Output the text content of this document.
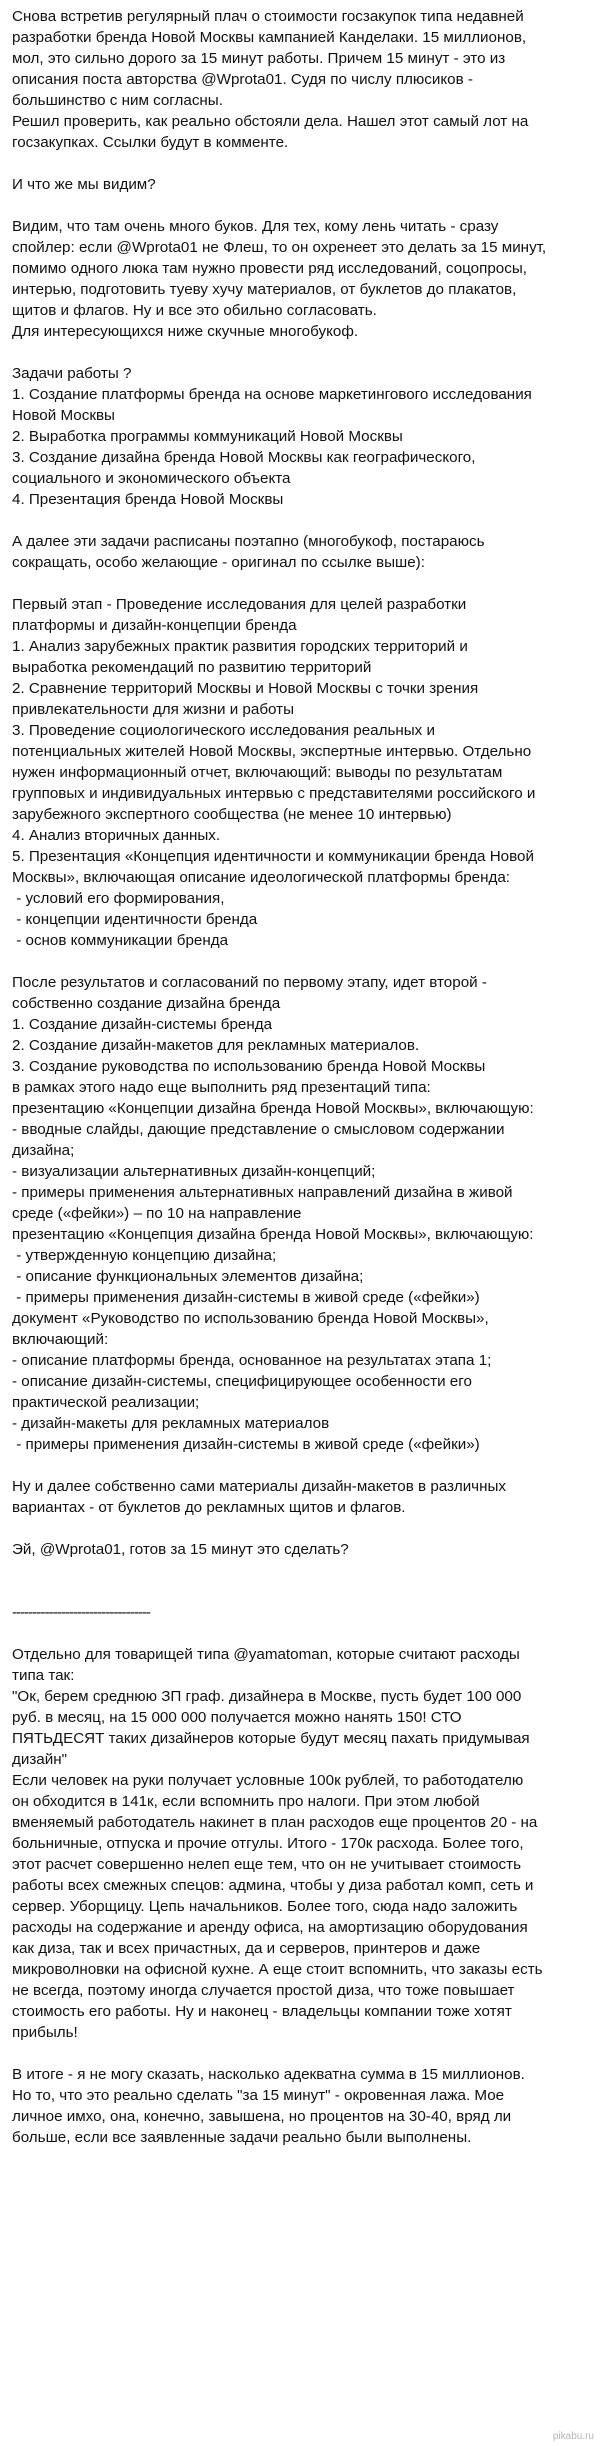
Снова встретив регулярный плач о стоимости госзакупок типа недавней
разработки бренда Новой Москвы кампанией Канделаки. 15 миллионов,
мол, это сильно дорого за 15 минут работы. Причем 15 минут - это из
описания поста авторства @Wprota01. Судя по числу плюсиков -
большинство с ним согласны.
Решил проверить, как реально обстояли дела. Нашел этот самый лот на
госзакупках. Ссылки будут в комменте.
И что же мы видим?
Видим, что там очень много буков. Для тех, кому лень читать - сразу
спойлер: если @Wprota01 не Флеш, то он охренеет это делать за 15 минут,
помимо одного люка там нужно провести ряд исследований, соцопросы,
интерью, подготовить туеву хучу материалов, от буклетов до плакатов,
щитов и флагов. Ну и все это обильно согласовать.
Для интересующихся ниже скучные многобукоф.
Задачи работы ?
1. Создание платформы бренда на основе маркетингового исследования
Новой Москвы
2. Выработка программы коммуникаций Новой Москвы
3. Создание дизайна бренда Новой Москвы как географического,
социального и экономического объекта
4. Презентация бренда Новой Москвы
А далее эти задачи расписаны поэтапно (многобукоф, постараюсь
сокращать, особо желающие - оригинал по ссылке выше):
Первый этап - Проведение исследования для целей разработки
платформы и дизайн-концепции бренда
1. Анализ зарубежных практик развития городских территорий и
выработка рекомендаций по развитию территорий
2. Сравнение территорий Москвы и Новой Москвы с точки зрения
привлекательности для жизни и работы
3. Проведение социологического исследования реальных и
потенциальных жителей Новой Москвы, экспертные интервью. Отдельно
нужен информационный отчет, включающий: выводы по результатам
групповых и индивидуальных интервью с представителями российского и
зарубежного экспертного сообщества (не менее 10 интервью)
4. Анализ вторичных данных.
5. Презентация «Концепция идентичности и коммуникации бренда Новой
Москвы», включающая описание идеологической платформы бренда:
- условий его формирования,
- концепции идентичности бренда
- основ коммуникации бренда
После результатов и согласований по первому этапу, идет второй -
собственно создание дизайна бренда
1. Создание дизайн-системы бренда
2. Создание дизайн-макетов для рекламных материалов.
3. Создание руководства по использованию бренда Новой Москвы
в рамках этого надо еще выполнить ряд презентаций типа:
презентацию «Концепции дизайна бренда Новой Москвы», включающую:
- вводные слайды, дающие представление о смысловом содержании
дизайна;
- визуализации альтернативных дизайн-концепций;
- примеры применения альтернативных направлений дизайна в живой
среде («фейки») – по 10 на направление
презентацию «Концепция дизайна бренда Новой Москвы», включающую:
- утвержденную концепцию дизайна;
- описание функциональных элементов дизайна;
- примеры применения дизайн-системы в живой среде («фейки»)
документ «Руководство по использованию бренда Новой Москвы»,
включающий:
- описание платформы бренда, основанное на результатах этапа 1;
- описание дизайн-системы, специфицирующее особенности его
практической реализации;
- дизайн-макеты для рекламных материалов
- примеры применения дизайн-системы в живой среде («фейки»)
Ну и далее собственно сами материалы дизайн-макетов в различных
вариантах - от буклетов до рекламных щитов и флагов.
Эй, @Wprota01, готов за 15 минут это сделать?
----------------------------------
Отдельно для товарищей типа @yamatoman, которые считают расходы
типа так:
"Ок, берем среднюю ЗП граф. дизайнера в Москве, пусть будет 100 000
руб. в месяц, на 15 000 000 получается можно нанять 150! СТО
ПЯТЬДЕСЯТ таких дизайнеров которые будут месяц пахать придумывая
дизайн"
Если человек на руки получает условные 100к рублей, то работодателю
он обходится в 141к, если вспомнить про налоги. При этом любой
вменяемый работодатель накинет в план расходов еще процентов 20 - на
больничные, отпуска и прочие отгулы. Итого - 170к расхода. Более того,
этот расчет совершенно нелеп еще тем, что он не учитывает стоимость
работы всех смежных спецов: админа, чтобы у диза работал комп, сеть и
сервер. Уборщицу. Цепь начальников. Более того, сюда надо заложить
расходы на содержание и аренду офиса, на амортизацию оборудования
как диза, так и всех причастных, да и серверов, принтеров и даже
микроволновки на офисной кухне. А еще стоит вспомнить, что заказы есть
не всегда, поэтому иногда случается простой диза, что тоже повышает
стоимость его работы. Ну и наконец - владельцы компании тоже хотят
прибыль!
В итоге - я не могу сказать, насколько адекватна сумма в 15 миллионов.
Но то, что это реально сделать "за 15 минут" - окровенная лажа. Мое
личное имхо, она, конечно, завышена, но процентов на 30-40, вряд ли
больше, если все заявленные задачи реально были выполнены.
pikabu.ru
